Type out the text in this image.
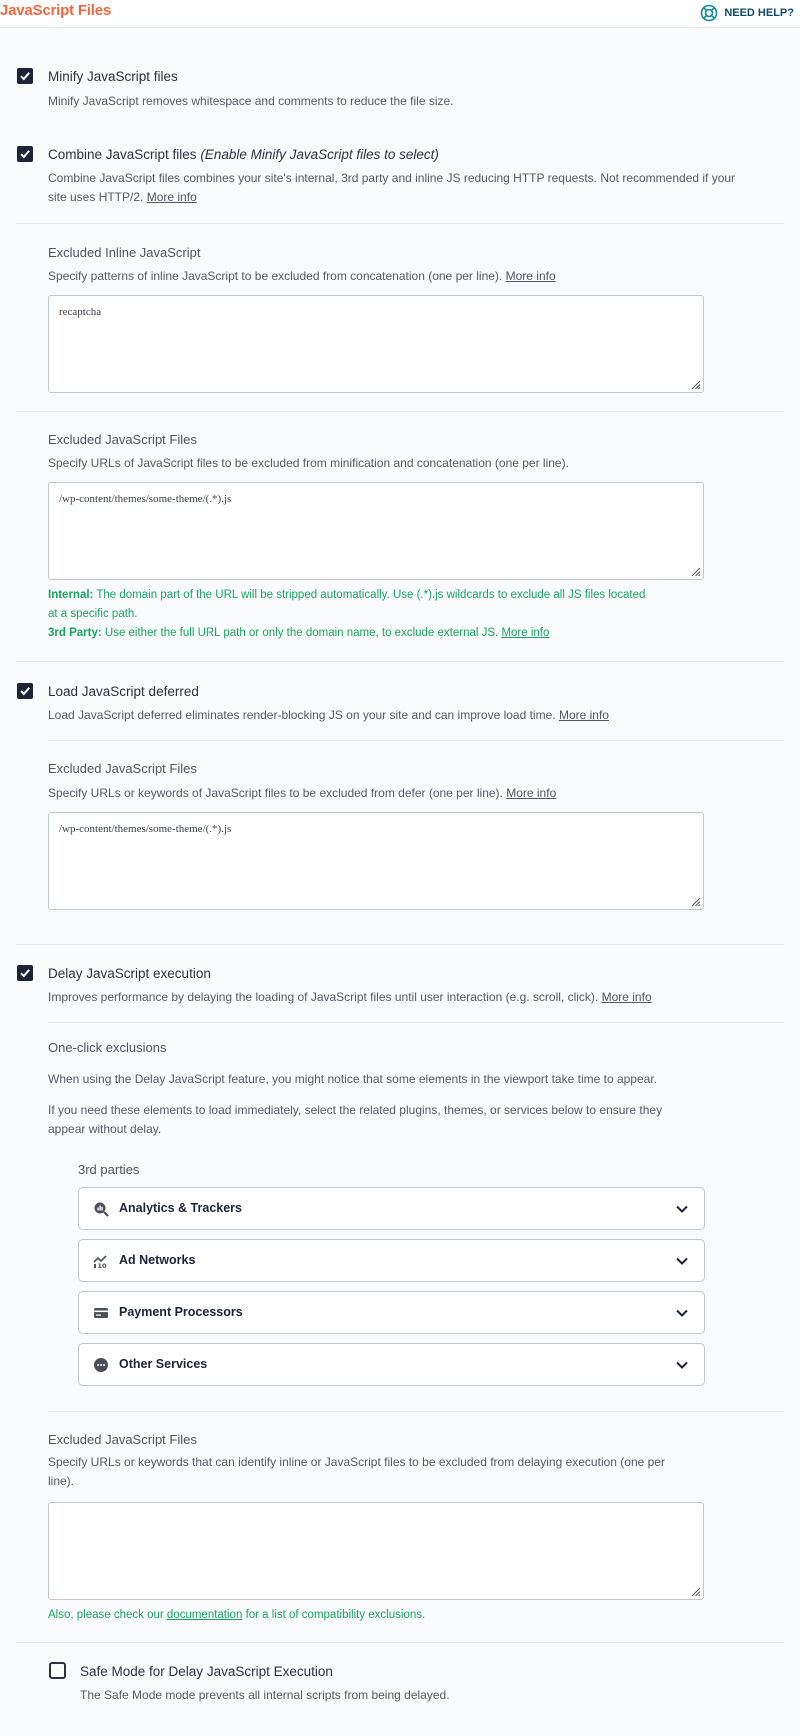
JavaScript Files	NEED HELP?
Minify JavaScript files
Minify JavaScript removes whitespace and comments to reduce the file size.
Combine JavaScript files (Enable Minify JavaScript files to select)
Combine JavaScript files combines your site's internal, 3rd party and inline JS reducing HTTP requests. Not recommended if your
site uses HTTP/2. More info
Excluded Inline JavaScript
Specify patterns of inline JavaScript to be excluded from concatenation (one per line). More info
recaptcha
Excluded JavaScript Files
Specify URLs of JavaScript files to be excluded from minification and concatenation (one per line).
/wp-content/themes/some-theme/(.*).js
Internal: The domain part of the URL will be stripped automatically. Use (.*).js wildcards to exclude all JS files located
at a specific path.
3rd Party: Use either the full URL path or only the domain name, to exclude external JS. More info
Load JavaScript deferred
Load JavaScript deferred eliminates render-blocking JS on your site and can improve load time. More info
Excluded JavaScript Files
Specify URLs or keywords of JavaScript files to be excluded from defer (one per line). More info
/wp-content/themes/some-theme/(.*).js
Delay JavaScript execution
Improves performance by delaying the loading of JavaScript files until user interaction (e.g. scroll, click). More info
One-click exclusions
When using the Delay JavaScript feature, you might notice that some elements in the viewport take time to appear.
If you need these elements to load immediately, select the related plugins, themes, or services below to ensure they
appear without delay.
3rd parties
Analytics & Trackers
10 Ad Networks
Payment Processors
Other Services
Excluded JavaScript Files
Specify URLs or keywords that can identify inline or JavaScript files to be excluded from delaying execution (one per
line).
Also, please check our documentation for a list of compatibility exclusions.
Safe Mode for Delay JavaScript Execution
The Safe Mode mode prevents all internal scripts from being delayed.
